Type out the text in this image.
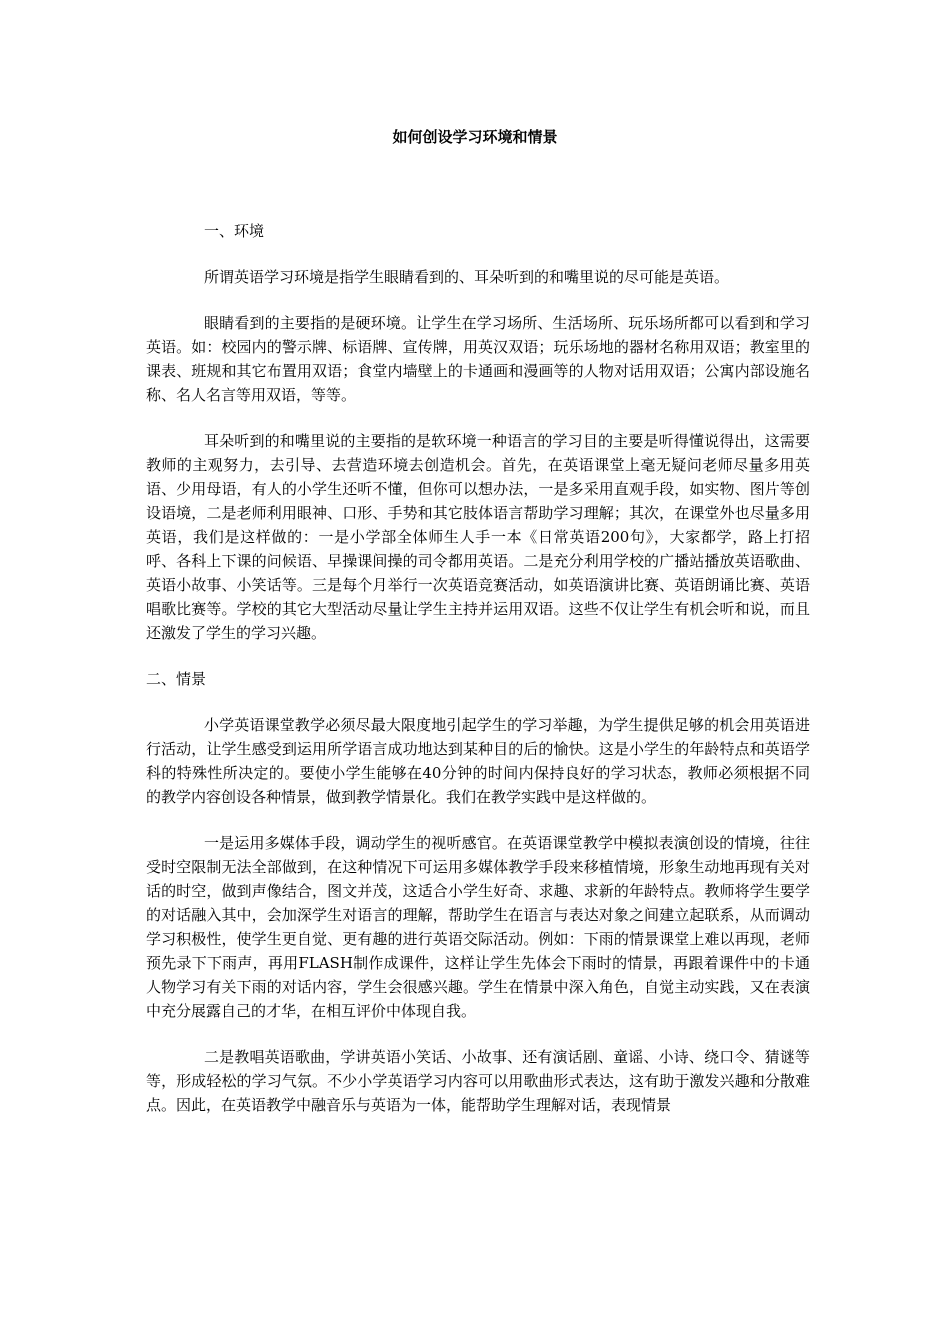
如何创设学习环境和情景

一、环境

所谓英语学习环境是指学生眼睛看到的、耳朵听到的和嘴里说的尽可能是英语。

眼睛看到的主要指的是硬环境。让学生在学习场所、生活场所、玩乐场所都可以看到和学习英语。如：校园内的警示牌、标语牌、宣传牌，用英汉双语；玩乐场地的器材名称用双语；教室里的课表、班规和其它布置用双语；食堂内墙壁上的卡通画和漫画等的人物对话用双语；公寓内部设施名称、名人名言等用双语，等等。

耳朵听到的和嘴里说的主要指的是软环境一种语言的学习目的主要是听得懂说得出，这需要教师的主观努力，去引导、去营造环境去创造机会。首先，在英语课堂上毫无疑问老师尽量多用英语、少用母语，有人的小学生还听不懂，但你可以想办法，一是多采用直观手段，如实物、图片等创设语境，二是老师利用眼神、口形、手势和其它肢体语言帮助学习理解；其次，在课堂外也尽量多用英语，我们是这样做的：一是小学部全体师生人手一本《日常英语200句》，大家都学，路上打招呼、各科上下课的问候语、早操课间操的司令都用英语。二是充分利用学校的广播站播放英语歌曲、英语小故事、小笑话等。三是每个月举行一次英语竞赛活动，如英语演讲比赛、英语朗诵比赛、英语唱歌比赛等。学校的其它大型活动尽量让学生主持并运用双语。这些不仅让学生有机会听和说，而且还激发了学生的学习兴趣。

二、情景

小学英语课堂教学必须尽最大限度地引起学生的学习举趣，为学生提供足够的机会用英语进行活动，让学生感受到运用所学语言成功地达到某种目的后的愉快。这是小学生的年龄特点和英语学科的特殊性所决定的。要使小学生能够在40分钟的时间内保持良好的学习状态，教师必须根据不同的教学内容创设各种情景，做到教学情景化。我们在教学实践中是这样做的。

一是运用多媒体手段，调动学生的视听感官。在英语课堂教学中模拟表演创设的情境，往往受时空限制无法全部做到，在这种情况下可运用多媒体教学手段来移植情境，形象生动地再现有关对话的时空，做到声像结合，图文并茂，这适合小学生好奇、求趣、求新的年龄特点。教师将学生要学的对话融入其中，会加深学生对语言的理解，帮助学生在语言与表达对象之间建立起联系，从而调动学习积极性，使学生更自觉、更有趣的进行英语交际活动。例如：下雨的情景课堂上难以再现，老师预先录下下雨声，再用FLASH制作成课件，这样让学生先体会下雨时的情景，再跟着课件中的卡通人物学习有关下雨的对话内容，学生会很感兴趣。学生在情景中深入角色，自觉主动实践，又在表演中充分展露自己的才华，在相互评价中体现自我。

二是教唱英语歌曲，学讲英语小笑话、小故事、还有演话剧、童谣、小诗、绕口令、猜谜等等，形成轻松的学习气氛。不少小学英语学习内容可以用歌曲形式表达，这有助于激发兴趣和分散难点。因此，在英语教学中融音乐与英语为一体，能帮助学生理解对话，表现情景
